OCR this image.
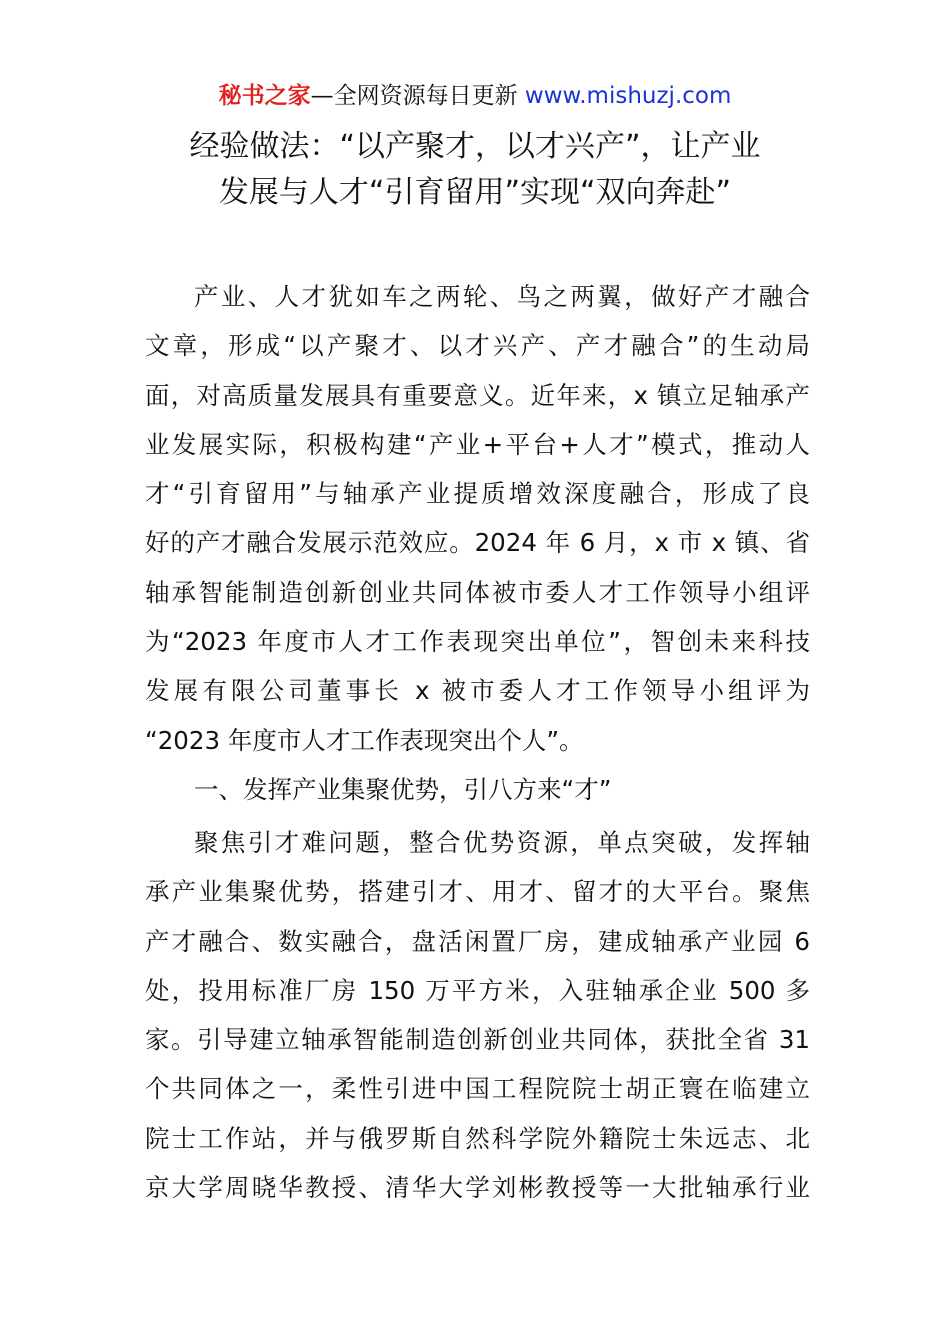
秘书之家—全网资源每日更新 www.mishuzj.com
经验做法：“以产聚才，以才兴产”，让产业
发展与人才“引育留用”实现“双向奔赴”
产业、人才犹如车之两轮、鸟之两翼，做好产才融合
文章，形成“以产聚才、以才兴产、产才融合”的生动局
面，对高质量发展具有重要意义。近年来，x 镇立足轴承产
业发展实际，积极构建“产业+平台+人才”模式，推动人
才“引育留用”与轴承产业提质增效深度融合，形成了良
好的产才融合发展示范效应。2024 年 6 月，x 市 x 镇、省
轴承智能制造创新创业共同体被市委人才工作领导小组评
为“2023 年度市人才工作表现突出单位”，智创未来科技
发展有限公司董事长 x 被市委人才工作领导小组评为
“2023 年度市人才工作表现突出个人”。
一、发挥产业集聚优势，引八方来“才”
聚焦引才难问题，整合优势资源，单点突破，发挥轴
承产业集聚优势，搭建引才、用才、留才的大平台。聚焦
产才融合、数实融合，盘活闲置厂房，建成轴承产业园 6
处，投用标准厂房 150 万平方米，入驻轴承企业 500 多
家。引导建立轴承智能制造创新创业共同体，获批全省 31
个共同体之一，柔性引进中国工程院院士胡正寰在临建立
院士工作站，并与俄罗斯自然科学院外籍院士朱远志、北
京大学周晓华教授、清华大学刘彬教授等一大批轴承行业
